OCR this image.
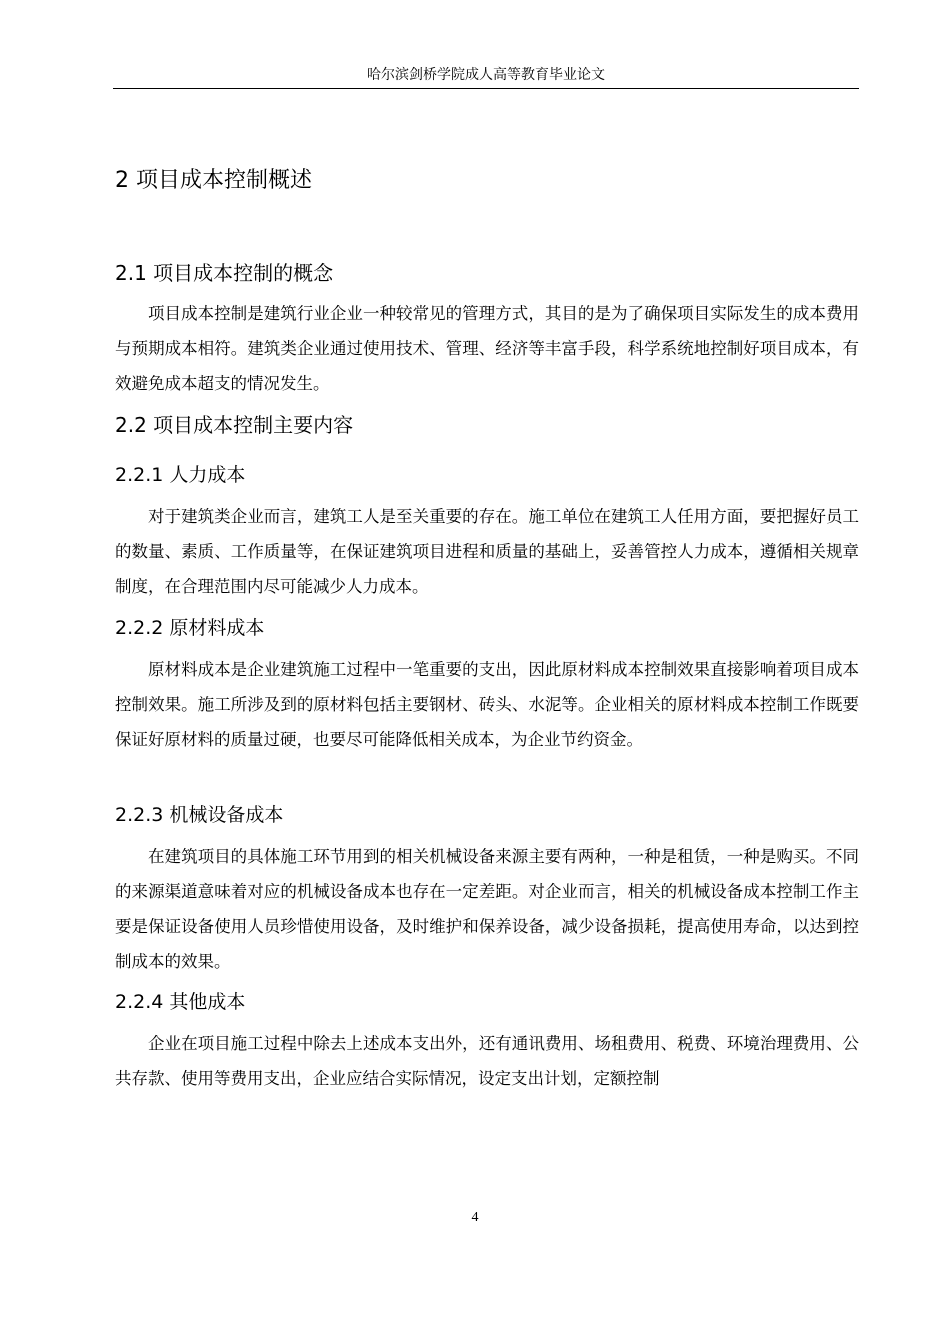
哈尔滨剑桥学院成人高等教育毕业论文
2 项目成本控制概述
2.1 项目成本控制的概念
项目成本控制是建筑行业企业一种较常见的管理方式，其目的是为了确保项目实际发生的成本费用与预期成本相符。建筑类企业通过使用技术、管理、经济等丰富手段，科学系统地控制好项目成本，有效避免成本超支的情况发生。
2.2 项目成本控制主要内容
2.2.1 人力成本
对于建筑类企业而言，建筑工人是至关重要的存在。施工单位在建筑工人任用方面，要把握好员工的数量、素质、工作质量等，在保证建筑项目进程和质量的基础上，妥善管控人力成本，遵循相关规章制度，在合理范围内尽可能减少人力成本。
2.2.2 原材料成本
原材料成本是企业建筑施工过程中一笔重要的支出，因此原材料成本控制效果直接影响着项目成本控制效果。施工所涉及到的原材料包括主要钢材、砖头、水泥等。企业相关的原材料成本控制工作既要保证好原材料的质量过硬，也要尽可能降低相关成本，为企业节约资金。
2.2.3 机械设备成本
在建筑项目的具体施工环节用到的相关机械设备来源主要有两种，一种是租赁，一种是购买。不同的来源渠道意味着对应的机械设备成本也存在一定差距。对企业而言，相关的机械设备成本控制工作主要是保证设备使用人员珍惜使用设备，及时维护和保养设备，减少设备损耗，提高使用寿命，以达到控制成本的效果。
2.2.4 其他成本
企业在项目施工过程中除去上述成本支出外，还有通讯费用、场租费用、税费、环境治理费用、公共存款、使用等费用支出，企业应结合实际情况，设定支出计划，定额控制
4
